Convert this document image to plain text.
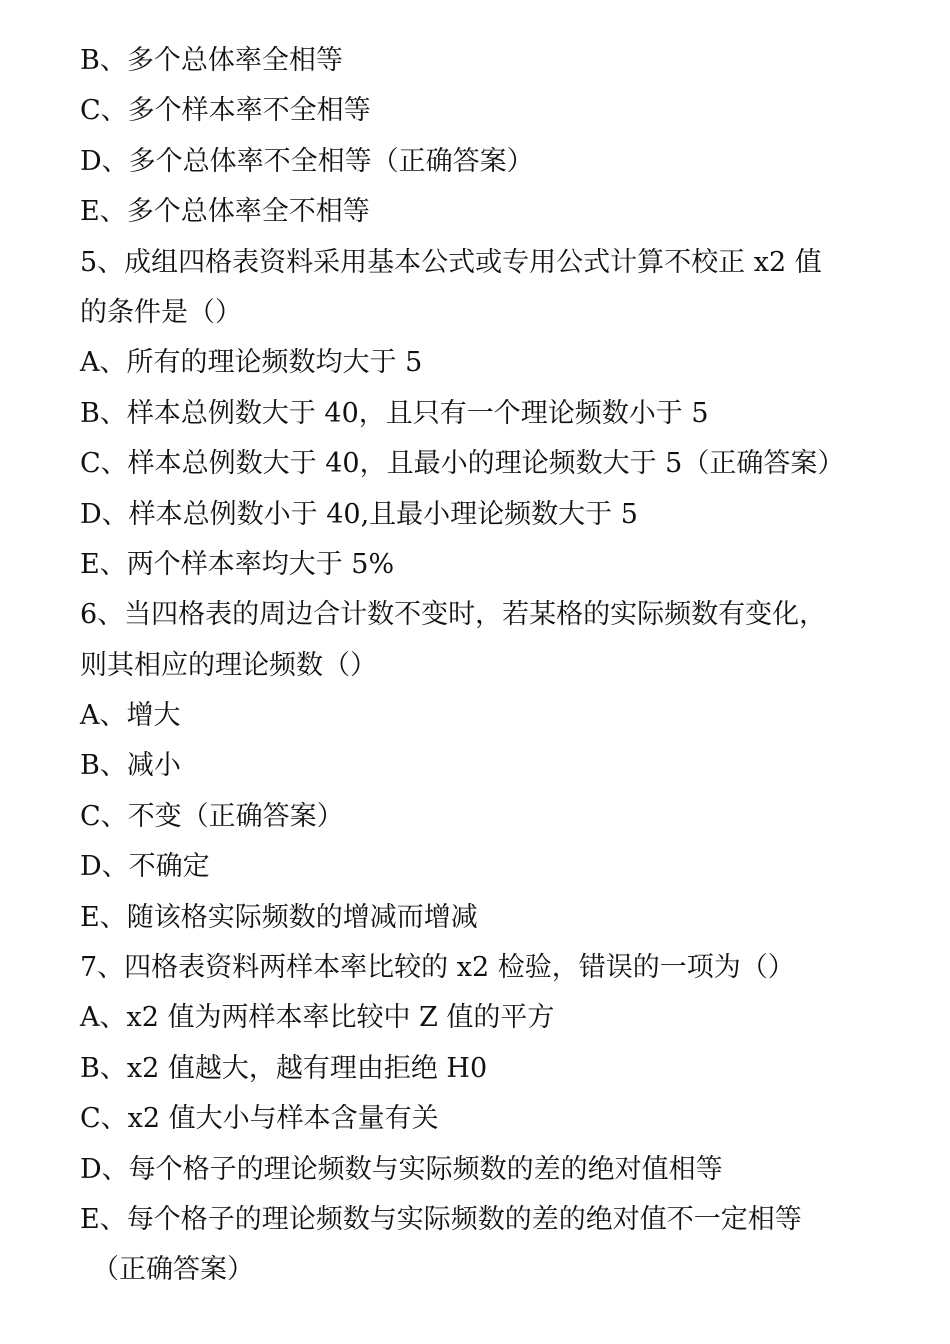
B、多个总体率全相等
C、多个样本率不全相等
D、多个总体率不全相等（正确答案）
E、多个总体率全不相等
5、成组四格表资料采用基本公式或专用公式计算不校正 x2 值
的条件是（）
A、所有的理论频数均大于 5
B、样本总例数大于 40，且只有一个理论频数小于 5
C、样本总例数大于 40，且最小的理论频数大于 5（正确答案）
D、样本总例数小于 40,且最小理论频数大于 5
E、两个样本率均大于 5%
6、当四格表的周边合计数不变时，若某格的实际频数有变化，
则其相应的理论频数（）
A、增大
B、减小
C、不变（正确答案）
D、不确定
E、随该格实际频数的增减而增减
7、四格表资料两样本率比较的 x2 检验，错误的一项为（）
A、x2 值为两样本率比较中 Z 值的平方
B、x2 值越大，越有理由拒绝 H0
C、x2 值大小与样本含量有关
D、每个格子的理论频数与实际频数的差的绝对值相等
E、每个格子的理论频数与实际频数的差的绝对值不一定相等
（正确答案）
